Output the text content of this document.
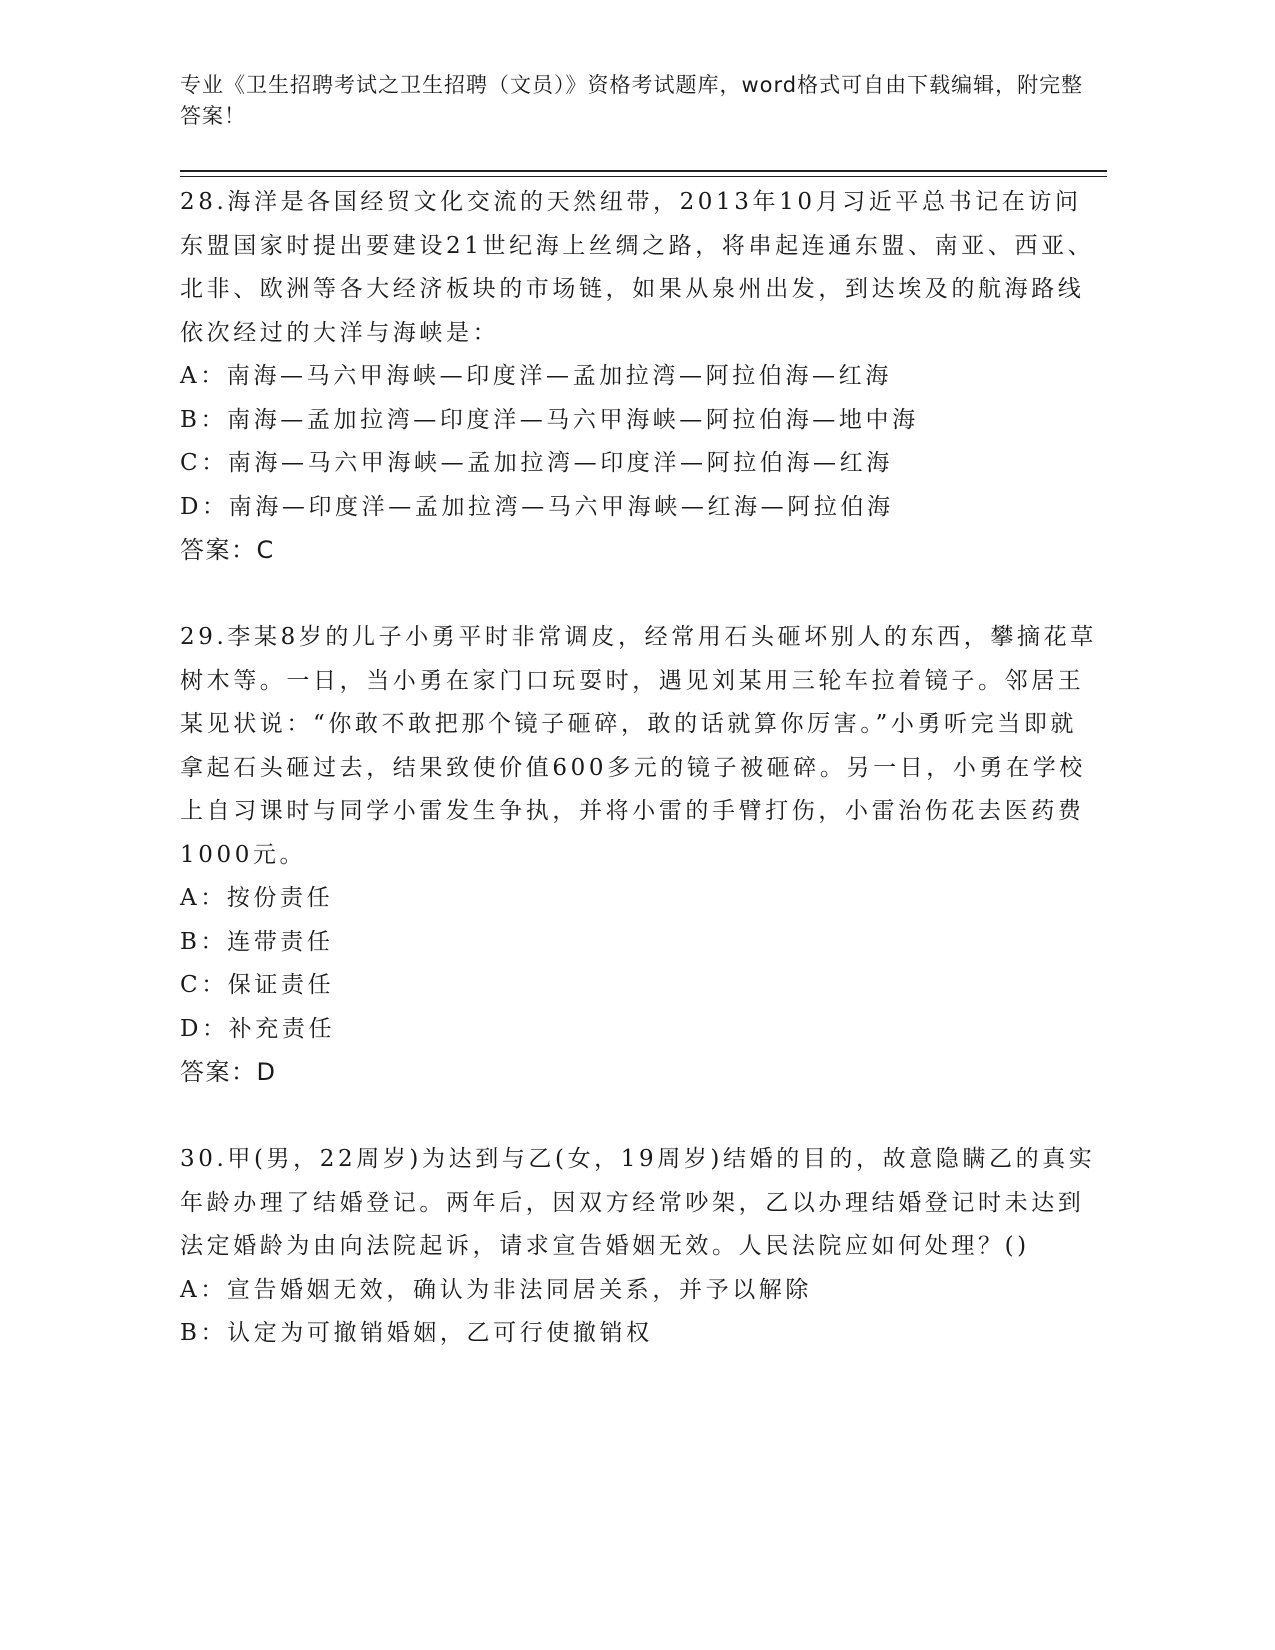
专业《卫生招聘考试之卫生招聘（文员）》资格考试题库，word格式可自由下载编辑，附完整答案！
28.海洋是各国经贸文化交流的天然纽带，2013年10月习近平总书记在访问东盟国家时提出要建设21世纪海上丝绸之路，将串起连通东盟、南亚、西亚、北非、欧洲等各大经济板块的市场链，如果从泉州出发，到达埃及的航海路线依次经过的大洋与海峡是：
A：南海—马六甲海峡—印度洋—孟加拉湾—阿拉伯海—红海
B：南海—孟加拉湾—印度洋—马六甲海峡—阿拉伯海—地中海
C：南海—马六甲海峡—孟加拉湾—印度洋—阿拉伯海—红海
D：南海—印度洋—孟加拉湾—马六甲海峡—红海—阿拉伯海
答案：C
29.李某8岁的儿子小勇平时非常调皮，经常用石头砸坏别人的东西，攀摘花草树木等。一日，当小勇在家门口玩耍时，遇见刘某用三轮车拉着镜子。邻居王某见状说：“你敢不敢把那个镜子砸碎，敢的话就算你厉害。”小勇听完当即就拿起石头砸过去，结果致使价值600多元的镜子被砸碎。另一日，小勇在学校上自习课时与同学小雷发生争执，并将小雷的手臂打伤，小雷治伤花去医药费1000元。
A：按份责任
B：连带责任
C：保证责任
D：补充责任
答案：D
30.甲(男，22周岁)为达到与乙(女，19周岁)结婚的目的，故意隐瞒乙的真实年龄办理了结婚登记。两年后，因双方经常吵架，乙以办理结婚登记时未达到法定婚龄为由向法院起诉，请求宣告婚姻无效。人民法院应如何处理？()
A：宣告婚姻无效，确认为非法同居关系，并予以解除
B：认定为可撤销婚姻，乙可行使撤销权
